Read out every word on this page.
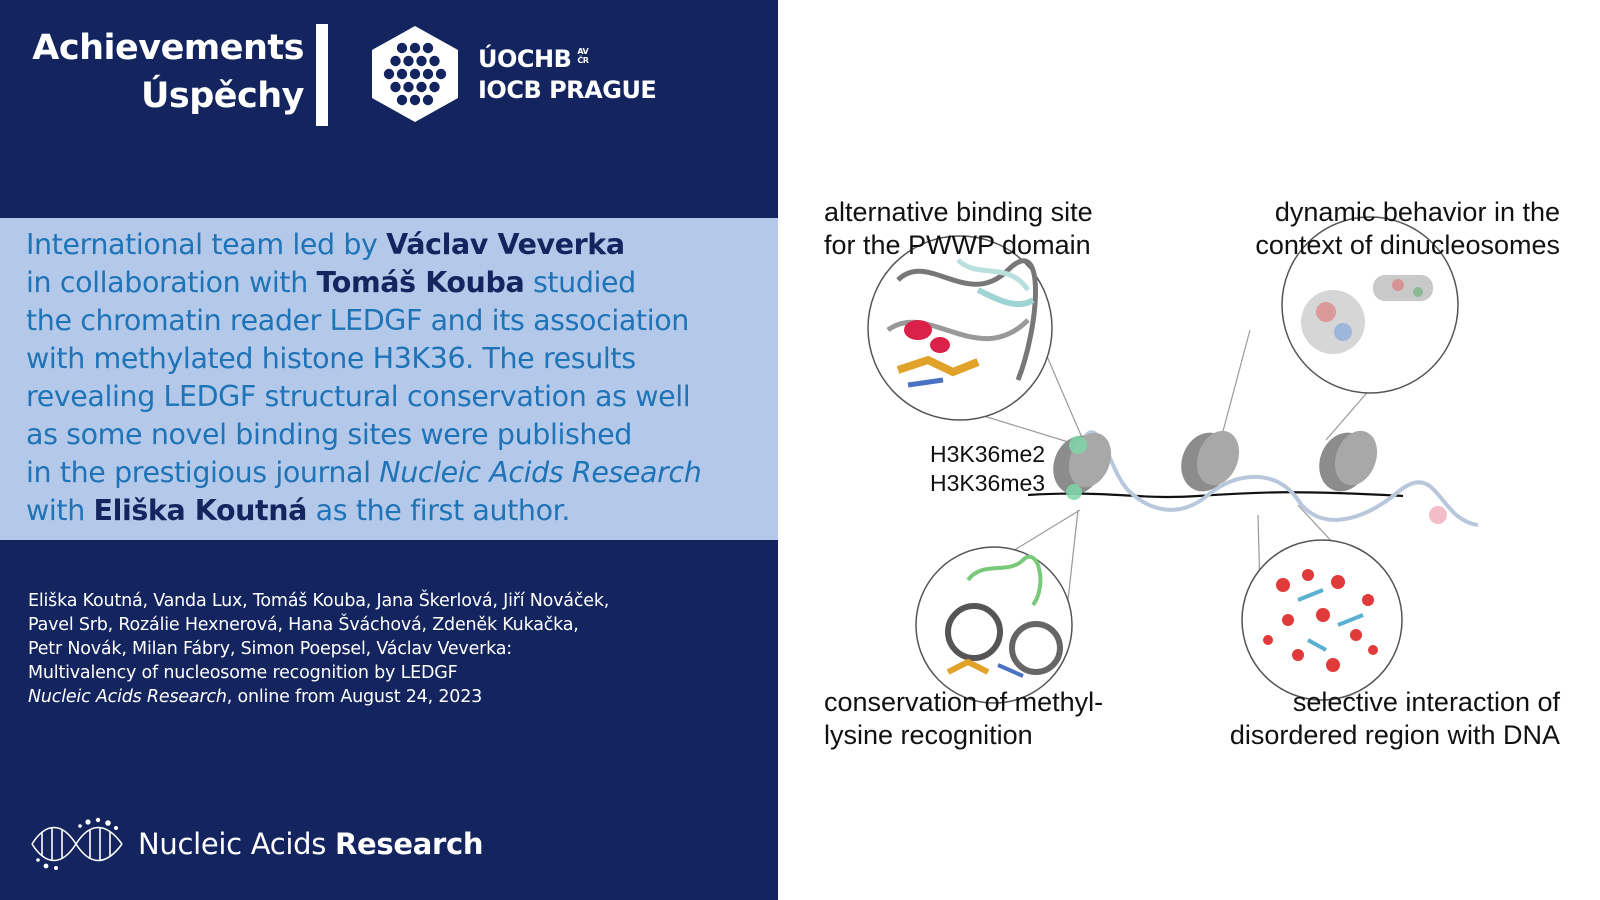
Achievements
Úspěchy
ÚOCHB AV
ČR
IOCB PRAGUE
International team led by Václav Veverka
in collaboration with Tomáš Kouba studied
the chromatin reader LEDGF and its association
with methylated histone H3K36. The results
revealing LEDGF structural conservation as well
as some novel binding sites were published
in the prestigious journal Nucleic Acids Research
with Eliška Koutná as the first author.
Eliška Koutná, Vanda Lux, Tomáš Kouba, Jana Škerlová, Jiří Nováček,
Pavel Srb, Rozálie Hexnerová, Hana Šváchová, Zdeněk Kukačka,
Petr Novák, Milan Fábry, Simon Poepsel, Václav Veverka:
Multivalency of nucleosome recognition by LEDGF
Nucleic Acids Research, online from August 24, 2023
Nucleic Acids Research
alternative binding site
for the PWWP domain
dynamic behavior in the
context of dinucleosomes
conservation of methyl-
lysine recognition
selective interaction of
disordered region with DNA
H3K36me2
H3K36me3
